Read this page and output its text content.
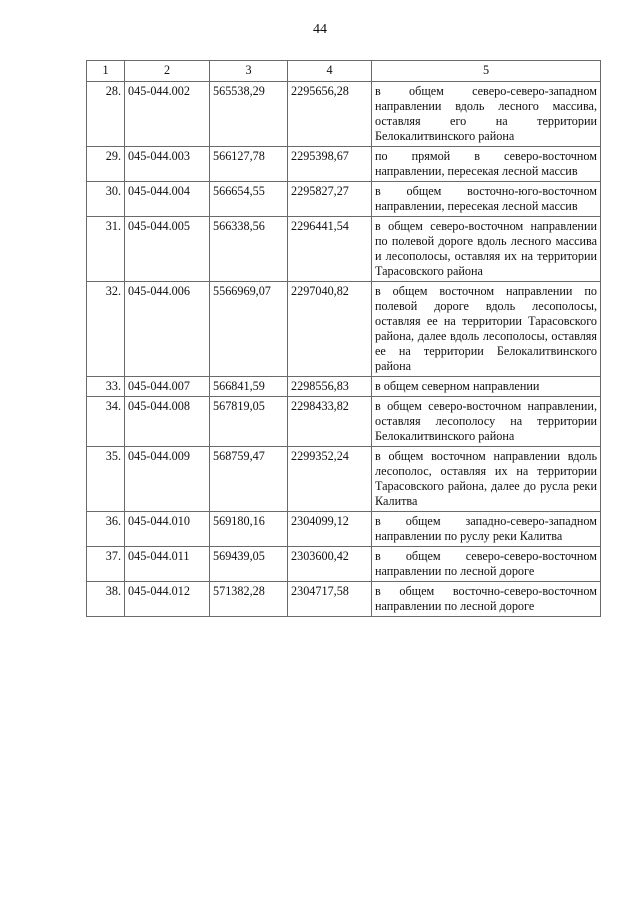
44
1	2	3	4	5
28.	045-044.002	565538,29	2295656,28	в общем северо-северо-западном направлении вдоль лесного массива, оставляя его на территории Белокалитвинского района
29.	045-044.003	566127,78	2295398,67	по прямой в северо-восточном направлении, пересекая лесной массив
30.	045-044.004	566654,55	2295827,27	в общем восточно-юго-восточном направлении, пересекая лесной массив
31.	045-044.005	566338,56	2296441,54	в общем северо-восточном направлении по полевой дороге вдоль лесного массива и лесополосы, оставляя их на территории Тарасовского района
32.	045-044.006	5566969,07	2297040,82	в общем восточном направлении по полевой дороге вдоль лесополосы, оставляя ее на территории Тарасовского района, далее вдоль лесополосы, оставляя ее на территории Белокалитвинского района
33.	045-044.007	566841,59	2298556,83	в общем северном направлении
34.	045-044.008	567819,05	2298433,82	в общем северо-восточном направлении, оставляя лесополосу на территории Белокалитвинского района
35.	045-044.009	568759,47	2299352,24	в общем восточном направлении вдоль лесополос, оставляя их на территории Тарасовского района, далее до русла реки Калитва
36.	045-044.010	569180,16	2304099,12	в общем западно-северо-западном направлении по руслу реки Калитва
37.	045-044.011	569439,05	2303600,42	в общем северо-северо-восточном направлении по лесной дороге
38.	045-044.012	571382,28	2304717,58	в общем восточно-северо-восточном направлении по лесной дороге
